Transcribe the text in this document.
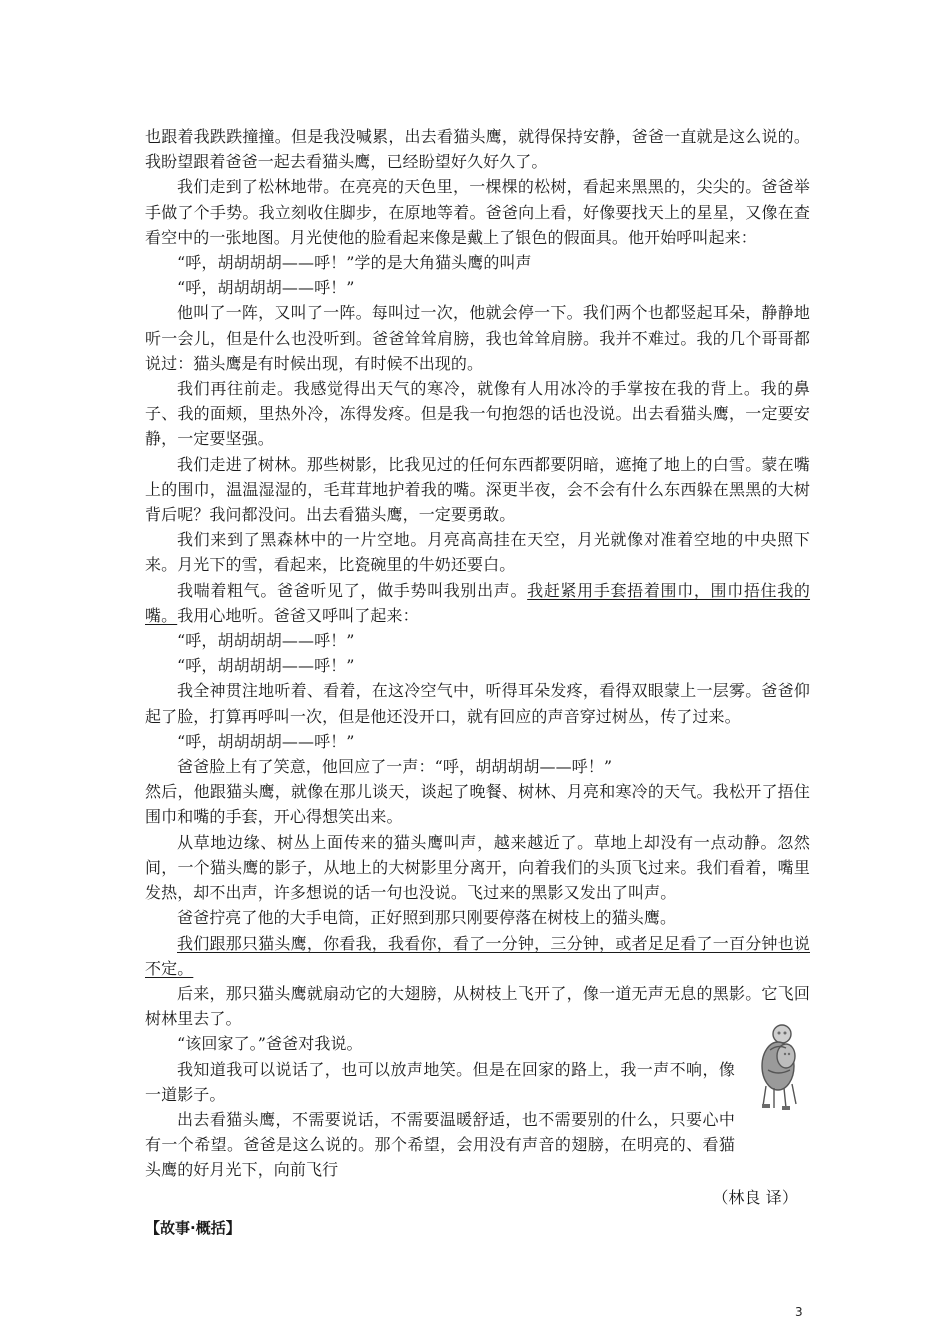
也跟着我跌跌撞撞。但是我没喊累，出去看猫头鹰，就得保持安静，爸爸一直就是这么说的。我盼望跟着爸爸一起去看猫头鹰，已经盼望好久好久了。

我们走到了松林地带。在亮亮的天色里，一棵棵的松树，看起来黑黑的，尖尖的。爸爸举手做了个手势。我立刻收住脚步，在原地等着。爸爸向上看，好像要找天上的星星，又像在查看空中的一张地图。月光使他的脸看起来像是戴上了银色的假面具。他开始呼叫起来：

“呼，胡胡胡胡——呼！”学的是大角猫头鹰的叫声

“呼，胡胡胡胡——呼！”

他叫了一阵，又叫了一阵。每叫过一次，他就会停一下。我们两个也都竖起耳朵，静静地听一会儿，但是什么也没听到。爸爸耸耸肩膀，我也耸耸肩膀。我并不难过。我的几个哥哥都说过：猫头鹰是有时候出现，有时候不出现的。

我们再往前走。我感觉得出天气的寒冷，就像有人用冰冷的手掌按在我的背上。我的鼻子、我的面颊，里热外冷，冻得发疼。但是我一句抱怨的话也没说。出去看猫头鹰，一定要安静，一定要坚强。

我们走进了树林。那些树影，比我见过的任何东西都要阴暗，遮掩了地上的白雪。蒙在嘴上的围巾，温温湿湿的，毛茸茸地护着我的嘴。深更半夜，会不会有什么东西躲在黑黑的大树背后呢？我问都没问。出去看猫头鹰，一定要勇敢。

我们来到了黑森林中的一片空地。月亮高高挂在天空，月光就像对准着空地的中央照下来。月光下的雪，看起来，比瓷碗里的牛奶还要白。

我喘着粗气。爸爸听见了，做手势叫我别出声。我赶紧用手套捂着围巾，围巾捂住我的嘴。我用心地听。爸爸又呼叫了起来：

“呼，胡胡胡胡——呼！”

“呼，胡胡胡胡——呼！”

我全神贯注地听着、看着，在这冷空气中，听得耳朵发疼，看得双眼蒙上一层雾。爸爸仰起了脸，打算再呼叫一次，但是他还没开口，就有回应的声音穿过树丛，传了过来。

“呼，胡胡胡胡——呼！”

爸爸脸上有了笑意，他回应了一声：“呼，胡胡胡胡——呼！”

然后，他跟猫头鹰，就像在那儿谈天，谈起了晚餐、树林、月亮和寒冷的天气。我松开了捂住围巾和嘴的手套，开心得想笑出来。

从草地边缘、树丛上面传来的猫头鹰叫声，越来越近了。草地上却没有一点动静。忽然间，一个猫头鹰的影子，从地上的大树影里分离开，向着我们的头顶飞过来。我们看着，嘴里发热，却不出声，许多想说的话一句也没说。飞过来的黑影又发出了叫声。

爸爸拧亮了他的大手电筒，正好照到那只刚要停落在树枝上的猫头鹰。

我们跟那只猫头鹰，你看我，我看你，看了一分钟，三分钟，或者足足看了一百分钟也说不定。

后来，那只猫头鹰就扇动它的大翅膀，从树枝上飞开了，像一道无声无息的黑影。它飞回树林里去了。

“该回家了。”爸爸对我说。

我知道我可以说话了，也可以放声地笑。但是在回家的路上，我一声不响，像一道影子。

出去看猫头鹰，不需要说话，不需要温暖舒适，也不需要别的什么，只要心中有一个希望。爸爸是这么说的。那个希望，会用没有声音的翅膀，在明亮的、看猫头鹰的好月光下，向前飞行

（林良 译）

【故事·概括】

3
